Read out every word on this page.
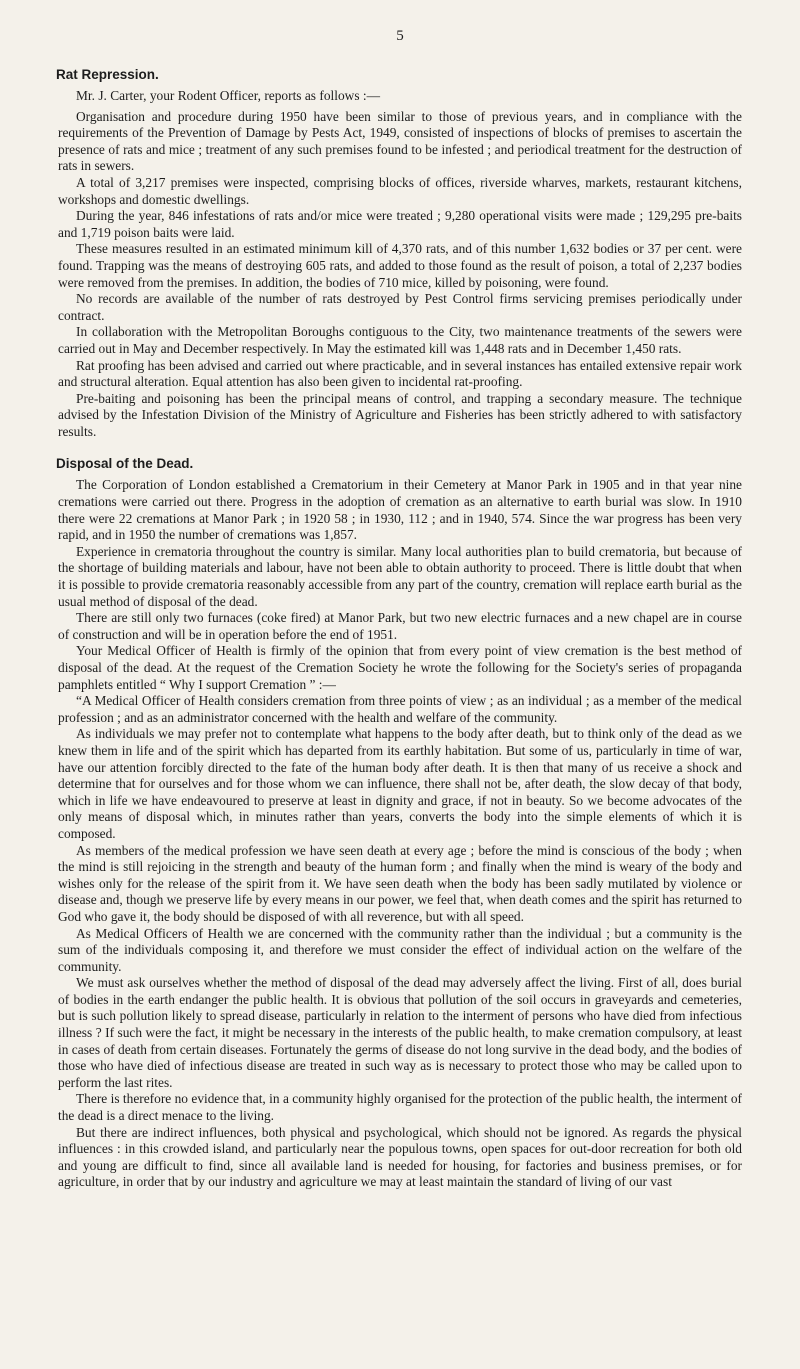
5
Rat Repression.

Mr. J. Carter, your Rodent Officer, reports as follows :—

Organisation and procedure during 1950 have been similar to those of previous years, and in compliance with the requirements of the Prevention of Damage by Pests Act, 1949, consisted of inspections of blocks of premises to ascertain the presence of rats and mice ; treatment of any such premises found to be infested ; and periodical treatment for the destruction of rats in sewers.

A total of 3,217 premises were inspected, comprising blocks of offices, riverside wharves, markets, restaurant kitchens, workshops and domestic dwellings.

During the year, 846 infestations of rats and/or mice were treated ; 9,280 operational visits were made ; 129,295 pre-baits and 1,719 poison baits were laid.

These measures resulted in an estimated minimum kill of 4,370 rats, and of this number 1,632 bodies or 37 per cent. were found. Trapping was the means of destroying 605 rats, and added to those found as the result of poison, a total of 2,237 bodies were removed from the premises. In addition, the bodies of 710 mice, killed by poisoning, were found.

No records are available of the number of rats destroyed by Pest Control firms servicing premises periodically under contract.

In collaboration with the Metropolitan Boroughs contiguous to the City, two maintenance treatments of the sewers were carried out in May and December respectively. In May the estimated kill was 1,448 rats and in December 1,450 rats.

Rat proofing has been advised and carried out where practicable, and in several instances has entailed extensive repair work and structural alteration. Equal attention has also been given to incidental rat-proofing.

Pre-baiting and poisoning has been the principal means of control, and trapping a secondary measure. The technique advised by the Infestation Division of the Ministry of Agriculture and Fisheries has been strictly adhered to with satisfactory results.

Disposal of the Dead.

The Corporation of London established a Crematorium in their Cemetery at Manor Park in 1905 and in that year nine cremations were carried out there. Progress in the adoption of cremation as an alternative to earth burial was slow. In 1910 there were 22 cremations at Manor Park ; in 1920 58 ; in 1930, 112 ; and in 1940, 574. Since the war progress has been very rapid, and in 1950 the number of cremations was 1,857.

Experience in crematoria throughout the country is similar. Many local authorities plan to build crematoria, but because of the shortage of building materials and labour, have not been able to obtain authority to proceed. There is little doubt that when it is possible to provide crematoria reasonably accessible from any part of the country, cremation will replace earth burial as the usual method of disposal of the dead.

There are still only two furnaces (coke fired) at Manor Park, but two new electric furnaces and a new chapel are in course of construction and will be in operation before the end of 1951.

Your Medical Officer of Health is firmly of the opinion that from every point of view cremation is the best method of disposal of the dead. At the request of the Cremation Society he wrote the following for the Society's series of propaganda pamphlets entitled “ Why I support Cremation ” :—

“A Medical Officer of Health considers cremation from three points of view ; as an individual ; as a member of the medical profession ; and as an administrator concerned with the health and welfare of the community.

As individuals we may prefer not to contemplate what happens to the body after death, but to think only of the dead as we knew them in life and of the spirit which has departed from its earthly habitation. But some of us, particularly in time of war, have our attention forcibly directed to the fate of the human body after death. It is then that many of us receive a shock and determine that for ourselves and for those whom we can influence, there shall not be, after death, the slow decay of that body, which in life we have endeavoured to preserve at least in dignity and grace, if not in beauty. So we become advocates of the only means of disposal which, in minutes rather than years, converts the body into the simple elements of which it is composed.

As members of the medical profession we have seen death at every age ; before the mind is conscious of the body ; when the mind is still rejoicing in the strength and beauty of the human form ; and finally when the mind is weary of the body and wishes only for the release of the spirit from it. We have seen death when the body has been sadly mutilated by violence or disease and, though we preserve life by every means in our power, we feel that, when death comes and the spirit has returned to God who gave it, the body should be disposed of with all reverence, but with all speed.

As Medical Officers of Health we are concerned with the community rather than the individual ; but a community is the sum of the individuals composing it, and therefore we must consider the effect of individual action on the welfare of the community.

We must ask ourselves whether the method of disposal of the dead may adversely affect the living. First of all, does burial of bodies in the earth endanger the public health. It is obvious that pollution of the soil occurs in graveyards and cemeteries, but is such pollution likely to spread disease, particularly in relation to the interment of persons who have died from infectious illness ? If such were the fact, it might be necessary in the interests of the public health, to make cremation compulsory, at least in cases of death from certain diseases. Fortunately the germs of disease do not long survive in the dead body, and the bodies of those who have died of infectious disease are treated in such way as is necessary to protect those who may be called upon to perform the last rites.

There is therefore no evidence that, in a community highly organised for the protection of the public health, the interment of the dead is a direct menace to the living.

But there are indirect influences, both physical and psychological, which should not be ignored. As regards the physical influences : in this crowded island, and particularly near the populous towns, open spaces for out-door recreation for both old and young are difficult to find, since all available land is needed for housing, for factories and business premises, or for agriculture, in order that by our industry and agriculture we may at least maintain the standard of living of our vast
